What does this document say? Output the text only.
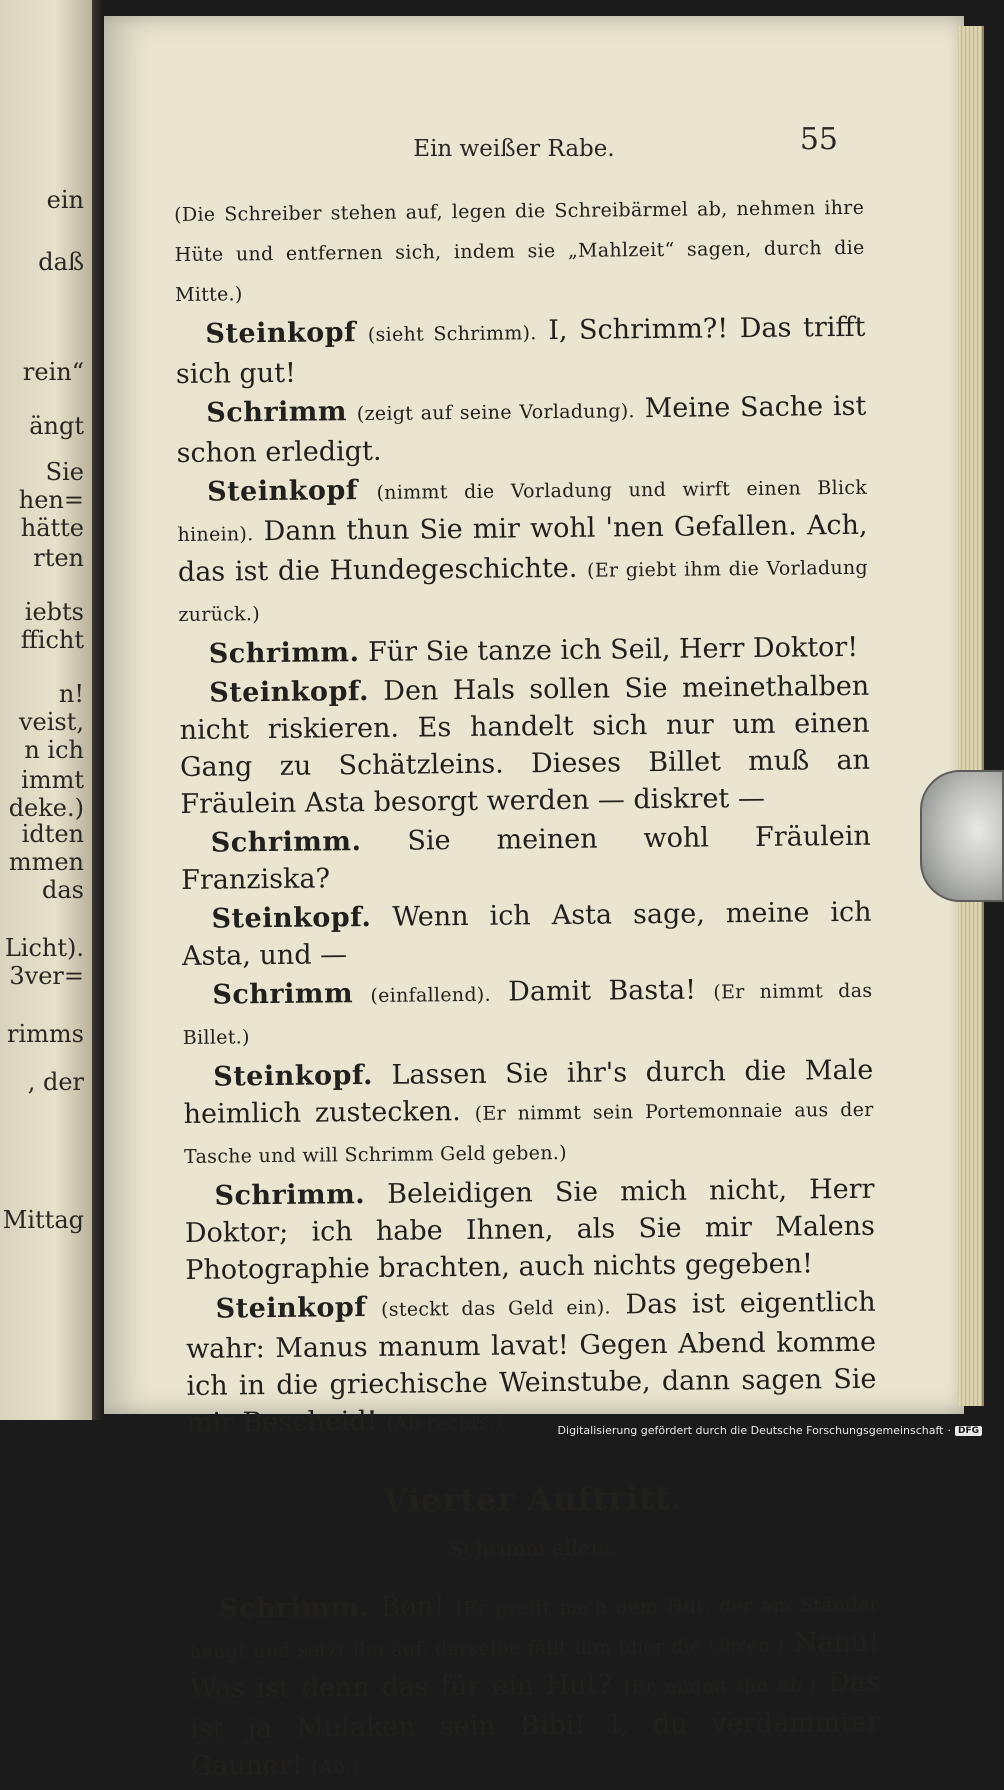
ein
daß
rein“
ängt
Sie
hen=
hätte
rten
iebts
fficht
n!
veist,
n ich
immt
deke.)
idten
mmen
das
Licht).
3ver=
rimms
, der
Mittag
Ein weißer Rabe.	55

(Die Schreiber stehen auf, legen die Schreibärmel ab, nehmen ihre Hüte und entfernen sich, indem sie „Mahlzeit“ sagen, durch die Mitte.)

Steinkopf (sieht Schrimm). I, Schrimm?! Das trifft sich gut!

Schrimm (zeigt auf seine Vorladung). Meine Sache ist schon erledigt.

Steinkopf (nimmt die Vorladung und wirft einen Blick hinein). Dann thun Sie mir wohl 'nen Gefallen. Ach, das ist die Hundegeschichte. (Er giebt ihm die Vorladung zurück.)

Schrimm. Für Sie tanze ich Seil, Herr Doktor!

Steinkopf. Den Hals sollen Sie meinethalben nicht riskieren. Es handelt sich nur um einen Gang zu Schätzleins. Dieses Billet muß an Fräulein Asta besorgt werden — diskret —

Schrimm. Sie meinen wohl Fräulein Franziska?

Steinkopf. Wenn ich Asta sage, meine ich Asta, und —

Schrimm (einfallend). Damit Basta! (Er nimmt das Billet.)

Steinkopf. Lassen Sie ihr's durch die Male heimlich zustecken. (Er nimmt sein Portemonnaie aus der Tasche und will Schrimm Geld geben.)

Schrimm. Beleidigen Sie mich nicht, Herr Doktor; ich habe Ihnen, als Sie mir Malens Photographie brachten, auch nichts gegeben!

Steinkopf (steckt das Geld ein). Das ist eigentlich wahr: Manus manum lavat! Gegen Abend komme ich in die griechische Weinstube, dann sagen Sie mir Bescheid! (Ab rechts.)

Vierter Auftritt.
Schrimm allein.

Schrimm. Bon! (Er greift nach dem Hut, der am Ständer hängt und setzt ihn auf, derselbe fällt ihm über die Ohren.) Nanu! Was ist denn das für ein Hut? (Er nimmt ihn ab.) Das ist ja Mulaken sein Bibi! I, du verdammter Gauner! (Ab.)

Digitalisierung gefördert durch die Deutsche Forschungsgemeinschaft · DFG
